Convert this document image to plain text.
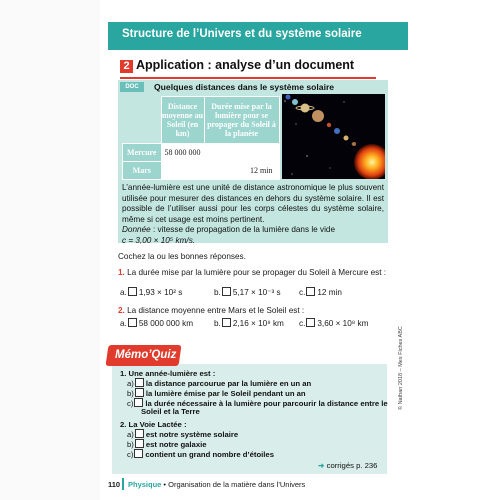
Structure de l’Univers et du système solaire
2 Application : analyse d’un document
DOC	Quelques distances dans le système solaire
	Distance moyenne au Soleil (en km)	Durée mise par la lumière pour se propager du Soleil à la planète
Mercure	58 000 000	
Mars		12 min
L’année-lumière est une unité de distance astronomique le plus souvent utilisée pour mesurer des distances en dehors du système solaire. Il est possible de l’utiliser aussi pour les corps célestes du système solaire, même si cet usage est moins pertinent.
Donnée : vitesse de propagation de la lumière dans le vide
c = 3,00 × 10⁵ km/s.
Cochez la ou les bonnes réponses.
1. La durée mise par la lumière pour se propager du Soleil à Mercure est :
a. 1,93 × 10² s	b. 5,17 × 10⁻³ s c. 12 min
2. La distance moyenne entre Mars et le Soleil est :
a. 58 000 000 km	b. 2,16 × 10⁸ km c. 3,60 × 10⁸ km
Mémo’Quiz
1. Une année-lumière est :
a) la distance parcourue par la lumière en un an
b) la lumière émise par le Soleil pendant un an
c) la durée nécessaire à la lumière pour parcourir la distance entre le
Soleil et la Terre
2. La Voie Lactée :
a) est notre système solaire
b) est notre galaxie
c) contient un grand nombre d’étoiles
➜ corrigés p. 236
110 Physique • Organisation de la matière dans l’Univers
© Nathan 2018 – Mes Fiches ABC
